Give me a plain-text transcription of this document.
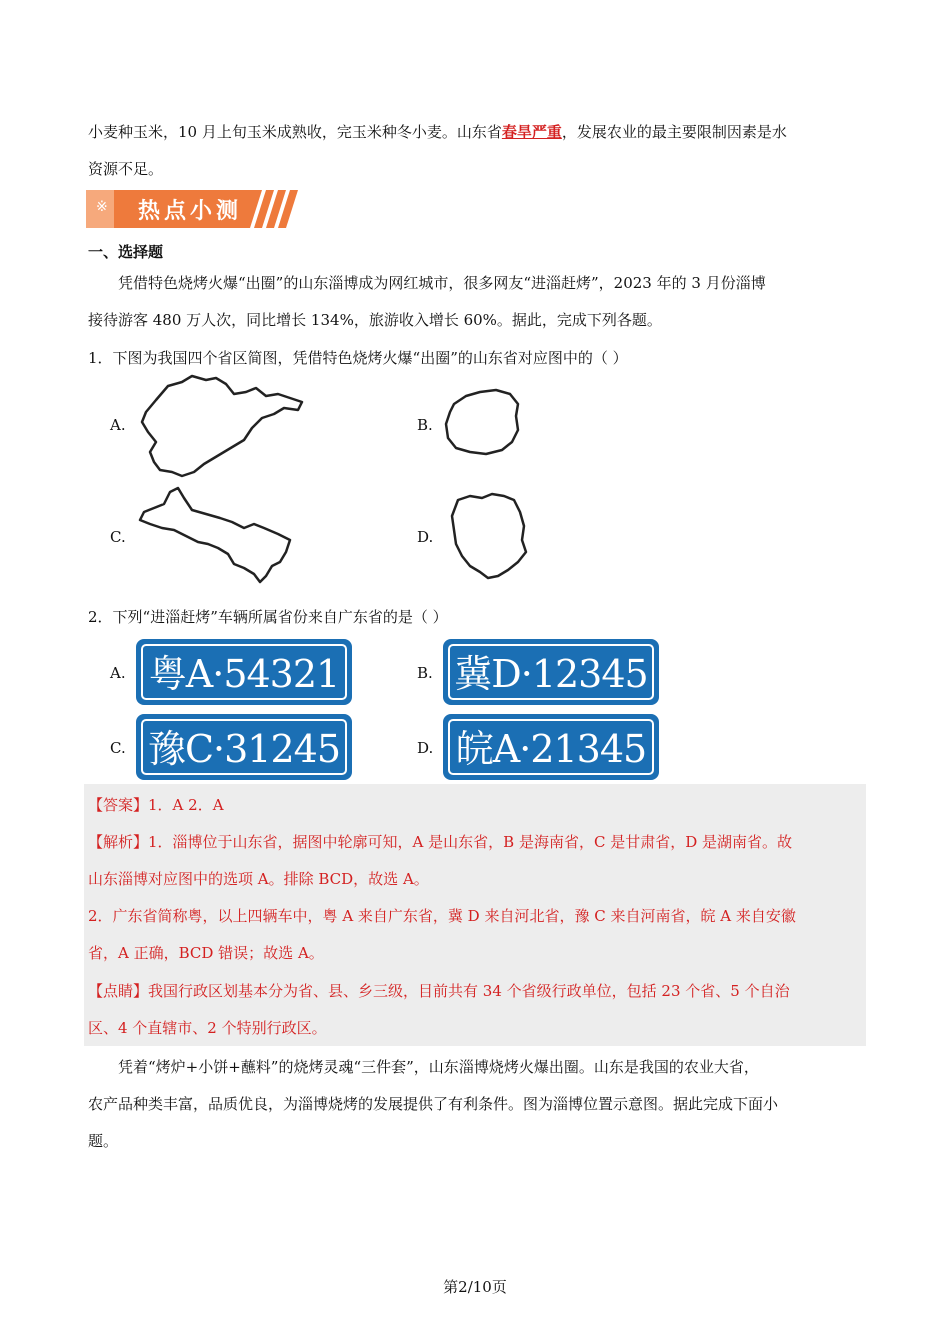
小麦种玉米，10 月上旬玉米成熟收，完玉米种冬小麦。山东省春旱严重，发展农业的最主要限制因素是水
资源不足。
※ 热点小测
一、选择题
凭借特色烧烤火爆“出圈”的山东淄博成为网红城市，很多网友“进淄赶烤”，2023 年的 3 月份淄博
接待游客 480 万人次，同比增长 134%，旅游收入增长 60%。据此，完成下列各题。
1．下图为我国四个省区简图，凭借特色烧烤火爆“出圈”的山东省对应图中的（ ）
A.	B.
C.	D.
2．下列“进淄赶烤”车辆所属省份来自广东省的是（ ）
A. 粤A·54321	B. 冀D·12345
C. 豫C·31245	D. 皖A·21345
【答案】1．A 2．A
【解析】1．淄博位于山东省，据图中轮廓可知，A 是山东省，B 是海南省，C 是甘肃省，D 是湖南省。故
山东淄博对应图中的选项 A。排除 BCD，故选 A。
2．广东省简称粤，以上四辆车中，粤 A 来自广东省，冀 D 来自河北省，豫 C 来自河南省，皖 A 来自安徽
省，A 正确，BCD 错误；故选 A。
【点睛】我国行政区划基本分为省、县、乡三级，目前共有 34 个省级行政单位，包括 23 个省、5 个自治
区、4 个直辖市、2 个特别行政区。
凭着“烤炉+小饼+蘸料”的烧烤灵魂“三件套”，山东淄博烧烤火爆出圈。山东是我国的农业大省，
农产品种类丰富，品质优良，为淄博烧烤的发展提供了有利条件。图为淄博位置示意图。据此完成下面小
题。
第2/10页
